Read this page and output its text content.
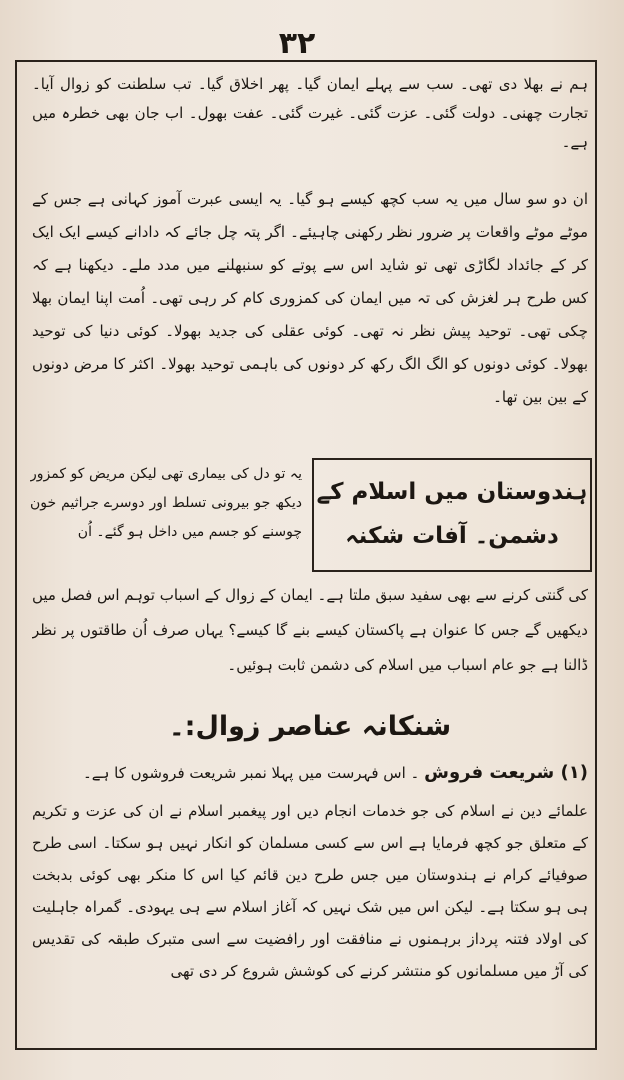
۳۲
ہم نے بھلا دی تھی۔ سب سے پہلے ایمان گیا۔ پھر اخلاق گیا۔ تب سلطنت کو زوال آیا۔ تجارت چھنی۔ دولت گئی۔ عزت گئی۔ غیرت گئی۔ عفت بھول۔ اب جان بھی خطرہ میں ہے۔
ان دو سو سال میں یہ سب کچھ کیسے ہو گیا۔ یہ ایسی عبرت آموز کہانی ہے جس کے موٹے موٹے واقعات پر ضرور نظر رکھنی چاہیئے۔ اگر پتہ چل جائے کہ دادانے کیسے ایک ایک کر کے جائداد لگاڑی تھی تو شاید اس سے پوتے کو سنبھلنے میں مدد ملے۔ دیکھنا ہے کہ کس طرح ہر لغزش کی تہ میں ایمان کی کمزوری کام کر رہی تھی۔ اُمت اپنا ایمان بھلا چکی تھی۔ توحید پیش نظر نہ تھی۔ کوئی عقلی کی جدید بھولا۔ کوئی دنیا کی توحید بھولا۔ کوئی دونوں کو الگ الگ رکھ کر دونوں کی باہمی توحید بھولا۔ اکثر کا مرض دونوں کے بین بین تھا۔
ہندوستان میں اسلام کے دشمن۔ آفات شکنہ
یہ تو دل کی بیماری تھی لیکن مریض کو کمزور دیکھ جو بیرونی تسلط اور دوسرے جراثیم خون چوسنے کو جسم میں داخل ہو گئے۔ اُن
کی گنتی کرنے سے بھی سفید سبق ملتا ہے۔ ایمان کے زوال کے اسباب توہم اس فصل میں دیکھیں گے جس کا عنوان ہے پاکستان کیسے بنے گا کیسے؟ یہاں صرف اُن طاقتوں پر نظر ڈالنا ہے جو عام اسباب میں اسلام کی دشمن ثابت ہوئیں۔
شنکانہ عناصر زوال:۔
(۱) شریعت فروش ۔ اس فہرست میں پہلا نمبر شریعت فروشوں کا ہے۔
علمائے دین نے اسلام کی جو خدمات انجام دیں اور پیغمبر اسلام نے ان کی عزت و تکریم کے متعلق جو کچھ فرمایا ہے اس سے کسی مسلمان کو انکار نہیں ہو سکتا۔ اسی طرح صوفیائے کرام نے ہندوستان میں جس طرح دین قائم کیا اس کا منکر بھی کوئی بدبخت ہی ہو سکتا ہے۔ لیکن اس میں شک نہیں کہ آغاز اسلام سے ہی یہودی۔ گمراہ جاہلیت کی اولاد فتنہ پرداز برہمنوں نے منافقت اور رافضیت سے اسی متبرک طبقہ کی تقدیس کی آڑ میں مسلمانوں کو منتشر کرنے کی کوشش شروع کر دی تھی
